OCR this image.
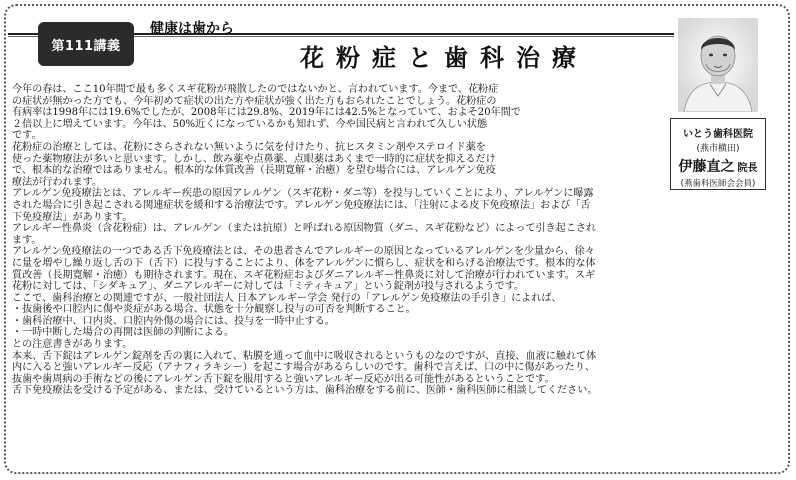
第111講義
健康は歯から
花粉症と歯科治療
いとう歯科医院
(燕市横田)
伊藤直之 院長
(燕歯科医師会会員)
今年の春は、ここ10年間で最も多くスギ花粉が飛散したのではないかと、言われています。今まで、花粉症
の症状が無かった方でも、今年初めて症状の出た方や症状が強く出た方もおられたことでしょう。花粉症の
有病率は1998年には19.6%でしたが、2008年には29.8%、2019年には42.5%となっていて、およそ20年間で
２倍以上に増えています。今年は、50%近くになっているかも知れず、今や国民病と言われて久しい状態
です。
花粉症の治療としては、花粉にさらされない無いように気を付けたり、抗ヒスタミン剤やステロイド薬を
使った薬物療法が多いと思います。しかし、飲み薬や点鼻薬、点眼薬はあくまで一時的に症状を抑えるだけ
で、根本的な治療ではありません。根本的な体質改善（長期寛解・治癒）を望む場合には、アレルゲン免疫
療法が行われます。
アレルゲン免疫療法とは、アレルギー疾患の原因アレルゲン（スギ花粉・ダニ等）を投与していくことにより、アレルゲンに曝露
された場合に引き起こされる関連症状を緩和する治療法です。アレルゲン免疫療法には、「注射による皮下免疫療法」および「舌
下免疫療法」があります。
アレルギー性鼻炎（含花粉症）は、アレルゲン（または抗原）と呼ばれる原因物質（ダニ、スギ花粉など）によって引き起こされ
ます。
アレルゲン免疫療法の一つである舌下免疫療法とは、その患者さんでアレルギーの原因となっているアレルゲンを少量から、徐々
に量を増やし繰り返し舌の下（舌下）に投与することにより、体をアレルゲンに慣らし、症状を和らげる治療法です。根本的な体
質改善（長期寛解・治癒）も期待されます。現在、スギ花粉症およびダニアレルギー性鼻炎に対して治療が行われています。スギ
花粉に対しては、「シダキュア」、ダニアレルギーに対しては「ミティキュア」という錠剤が投与されるようです。
ここで、歯科治療との関連ですが、一般社団法人 日本アレルギー学会 発行の「アレルゲン免疫療法の手引き」によれば、
・抜歯後や口腔内に傷や炎症がある場合、状態を十分観察し投与の可否を判断すること。
・歯科治療中、口内炎、口腔内外傷の場合には、投与を一時中止する。
・一時中断した場合の再開は医師の判断による。
との注意書きがあります。
本来、舌下錠はアレルゲン錠剤を舌の裏に入れて、粘膜を通って血中に吸収されるというものなのですが、直接、血液に触れて体
内に入ると強いアレルギー反応（アナフィラキシー）を起こす場合があるらしいのです。歯科で言えば、口の中に傷があったり、
抜歯や歯周病の手術などの後にアレルゲン舌下錠を服用すると強いアレルギー反応が出る可能性があるということです。
舌下免疫療法を受ける予定がある、または、受けているという方は、歯科治療をする前に、医師・歯科医師に相談してください。
